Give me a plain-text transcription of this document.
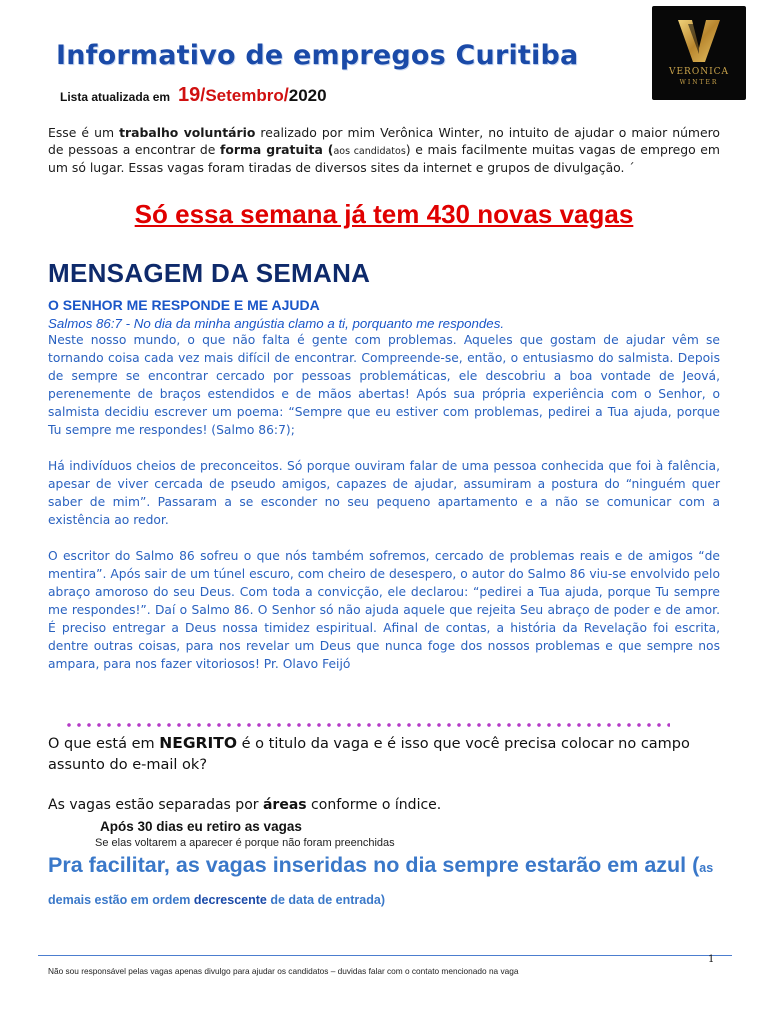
Informativo de empregos Curitiba
Lista atualizada em 19/Setembro/2020
VERONICA
WINTER

Esse é um trabalho voluntário realizado por mim Verônica Winter, no intuito de ajudar o maior número de pessoas a encontrar de forma gratuita (aos candidatos) e mais facilmente muitas vagas de emprego em um só lugar. Essas vagas foram tiradas de diversos sites da internet e grupos de divulgação. ´

Só essa semana já tem 430 novas vagas
MENSAGEM DA SEMANA
O SENHOR ME RESPONDE E ME AJUDA
Salmos 86:7 - No dia da minha angústia clamo a ti, porquanto me respondes.

Neste nosso mundo, o que não falta é gente com problemas. Aqueles que gostam de ajudar vêm se tornando coisa cada vez mais difícil de encontrar. Compreende-se, então, o entusiasmo do salmista. Depois de sempre se encontrar cercado por pessoas problemáticas, ele descobriu a boa vontade de Jeová, perenemente de braços estendidos e de mãos abertas! Após sua própria experiência com o Senhor, o salmista decidiu escrever um poema: “Sempre que eu estiver com problemas, pedirei a Tua ajuda, porque Tu sempre me respondes! (Salmo 86:7);

Há indivíduos cheios de preconceitos. Só porque ouviram falar de uma pessoa conhecida que foi à falência, apesar de viver cercada de pseudo amigos, capazes de ajudar, assumiram a postura do “ninguém quer saber de mim”. Passaram a se esconder no seu pequeno apartamento e a não se comunicar com a existência ao redor.

O escritor do Salmo 86 sofreu o que nós também sofremos, cercado de problemas reais e de amigos “de mentira”. Após sair de um túnel escuro, com cheiro de desespero, o autor do Salmo 86 viu-se envolvido pelo abraço amoroso do seu Deus. Com toda a convicção, ele declarou: “pedirei a Tua ajuda, porque Tu sempre me respondes!”. Daí o Salmo 86. O Senhor só não ajuda aquele que rejeita Seu abraço de poder e de amor. É preciso entregar a Deus nossa timidez espiritual. Afinal de contas, a história da Revelação foi escrita, dentre outras coisas, para nos revelar um Deus que nunca foge dos nossos problemas e que sempre nos ampara, para nos fazer vitoriosos! Pr. Olavo Feijó

O que está em NEGRITO é o titulo da vaga e é isso que você precisa colocar no campo assunto do e-mail ok?
As vagas estão separadas por áreas conforme o índice.
Após 30 dias eu retiro as vagas
Se elas voltarem a aparecer é porque não foram preenchidas
Pra facilitar, as vagas inseridas no dia sempre estarão em azul (as demais estão em ordem decrescente de data de entrada)
1
Não sou responsável pelas vagas apenas divulgo para ajudar os candidatos – duvidas falar com o contato mencionado na vaga
